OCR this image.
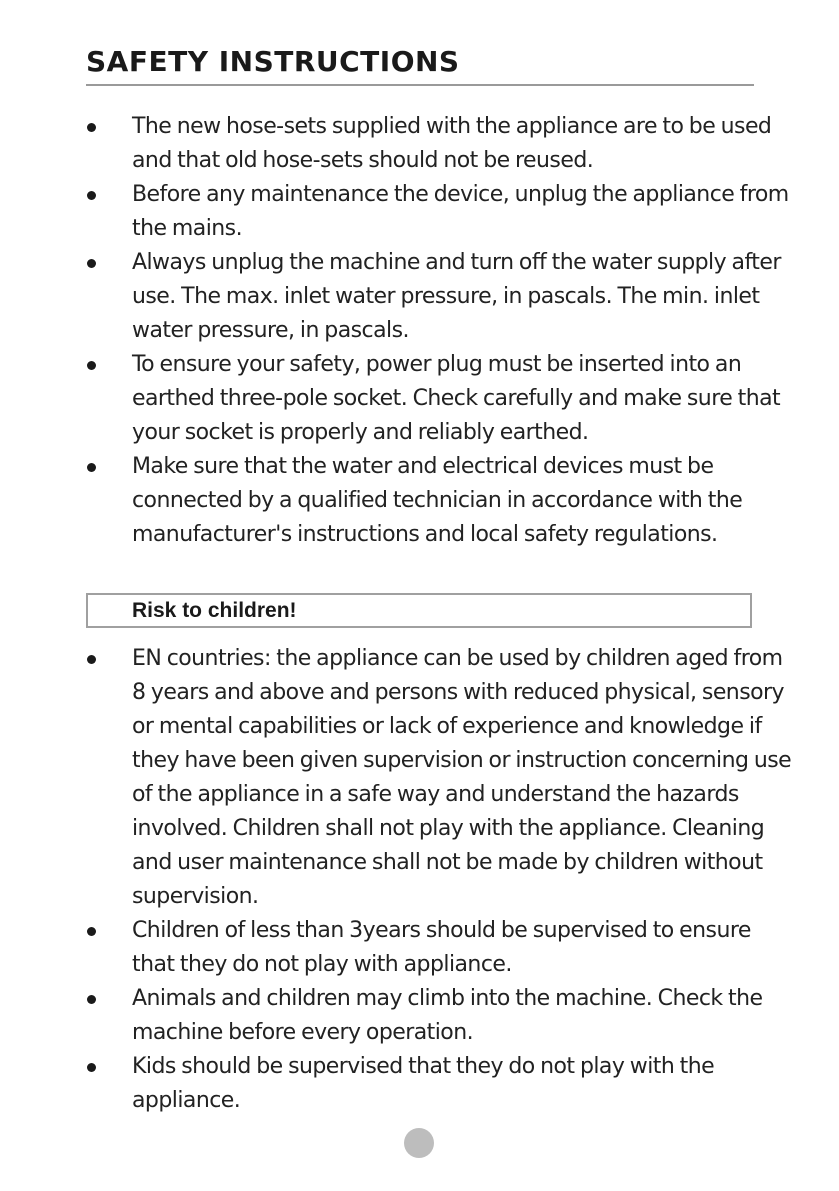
SAFETY INSTRUCTIONS
The new hose-sets supplied with the appliance are to be used and that old hose-sets should not be reused.
Before any maintenance the device, unplug the appliance from the mains.
Always unplug the machine and turn off the water supply after use. The max. inlet water pressure, in pascals. The min. inlet water pressure, in pascals.
To ensure your safety, power plug must be inserted into an earthed three-pole socket. Check carefully and make sure that your socket is properly and reliably earthed.
Make sure that the water and electrical devices must be connected by a qualified technician in accordance with the manufacturer's instructions and local safety regulations.
Risk to children!
EN countries: the appliance can be used by children aged from 8 years and above and persons with reduced physical, sensory or mental capabilities or lack of experience and knowledge if they have been given supervision or instruction concerning use of the appliance in a safe way and understand the hazards involved. Children shall not play with the appliance. Cleaning and user maintenance shall not be made by children without supervision.
Children of less than 3years should be supervised to ensure that they do not play with appliance.
Animals and children may climb into the machine. Check the machine before every operation.
Kids should be supervised that they do not play with the appliance.
